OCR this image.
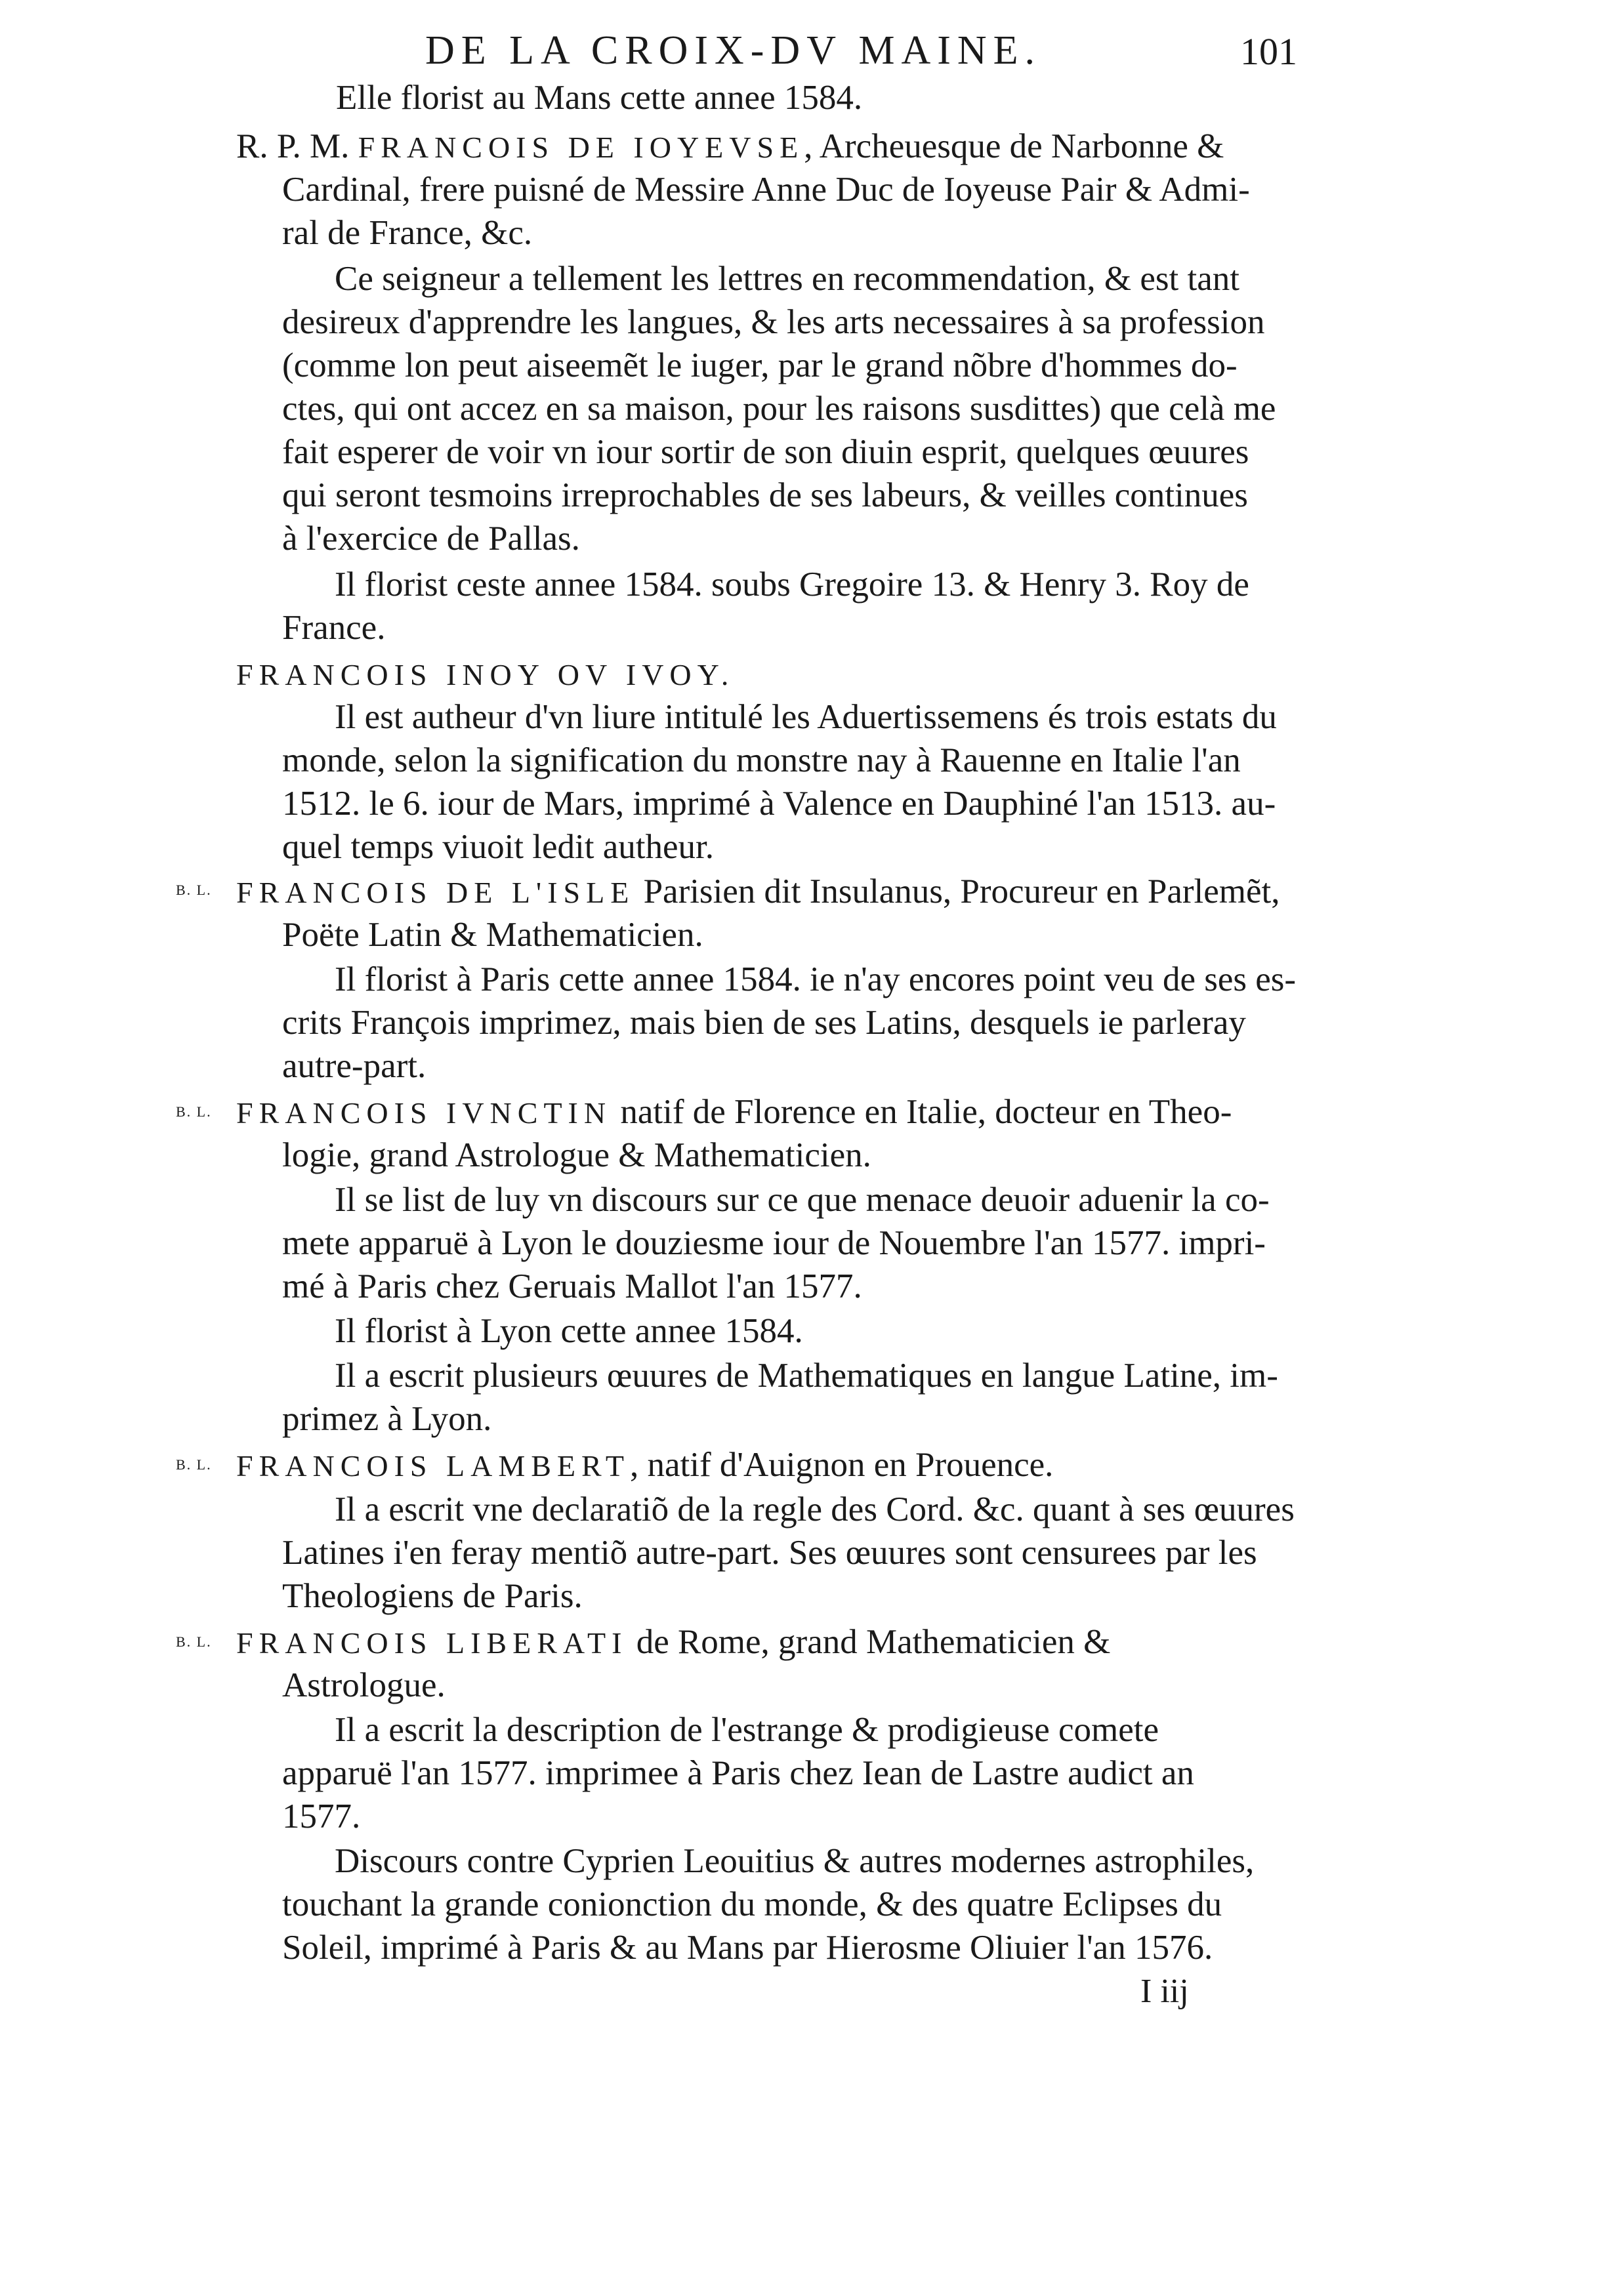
DE LA CROIX-DV MAINE.	101
Elle florist au Mans cette annee 1584.
R. P. M. FRANCOIS DE IOYEVSE, Archeuesque de Narbonne &
Cardinal, frere puisné de Messire Anne Duc de Ioyeuse Pair & Admi-
ral de France, &c.
Ce seigneur a tellement les lettres en recommendation, & est tant
desireux d'apprendre les langues, & les arts necessaires à sa profession
(comme lon peut aiseemẽt le iuger, par le grand nõbre d'hommes do-
ctes, qui ont accez en sa maison, pour les raisons susdittes) que celà me
fait esperer de voir vn iour sortir de son diuin esprit, quelques œuures
qui seront tesmoins irreprochables de ses labeurs, & veilles continues
à l'exercice de Pallas.
Il florist ceste annee 1584. soubs Gregoire 13. & Henry 3. Roy de
France.
FRANCOIS INOY OV IVOY.
Il est autheur d'vn liure intitulé les Aduertissemens és trois estats du
monde, selon la signification du monstre nay à Rauenne en Italie l'an
1512. le 6. iour de Mars, imprimé à Valence en Dauphiné l'an 1513. au-
quel temps viuoit ledit autheur.
B. L. FRANCOIS DE L'ISLE Parisien dit Insulanus, Procureur en Parlemẽt,
Poëte Latin & Mathematicien.
Il florist à Paris cette annee 1584. ie n'ay encores point veu de ses es-
crits François imprimez, mais bien de ses Latins, desquels ie parleray
autre-part.
B. L. FRANCOIS IVNCTIN natif de Florence en Italie, docteur en Theo-
logie, grand Astrologue & Mathematicien.
Il se list de luy vn discours sur ce que menace deuoir aduenir la co-
mete apparuë à Lyon le douziesme iour de Nouembre l'an 1577. impri-
mé à Paris chez Geruais Mallot l'an 1577.
Il florist à Lyon cette annee 1584.
Il a escrit plusieurs œuures de Mathematiques en langue Latine, im-
primez à Lyon.
B. L. FRANCOIS LAMBERT, natif d'Auignon en Prouence.
Il a escrit vne declaratiõ de la regle des Cord. &c. quant à ses œuures
Latines i'en feray mentiõ autre-part. Ses œuures sont censurees par les
Theologiens de Paris.
B. L. FRANCOIS LIBERATI de Rome, grand Mathematicien &
Astrologue.
Il a escrit la description de l'estrange & prodigieuse comete
apparuë l'an 1577. imprimee à Paris chez Iean de Lastre audict an
1577.
Discours contre Cyprien Leouitius & autres modernes astrophiles,
touchant la grande conionction du monde, & des quatre Eclipses du
Soleil, imprimé à Paris & au Mans par Hierosme Oliuier l'an 1576.
I iij
